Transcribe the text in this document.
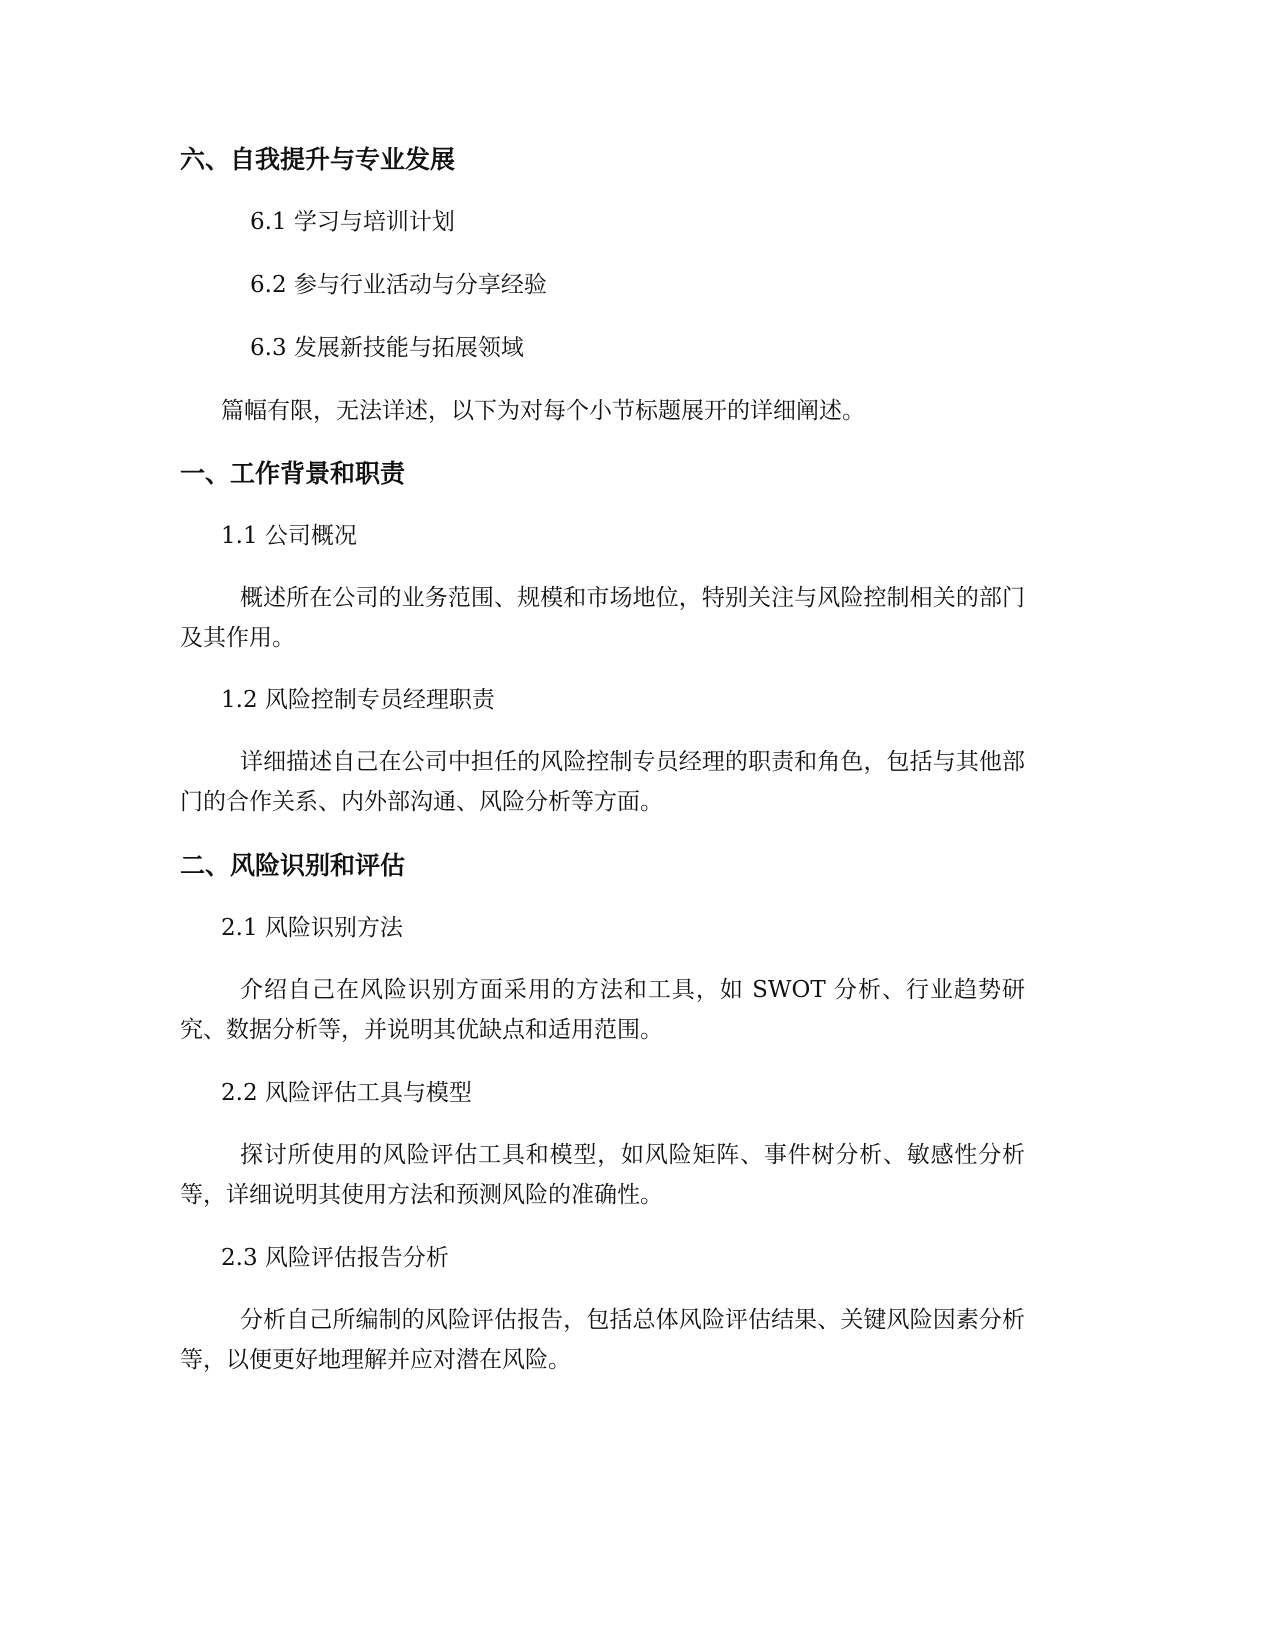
六、自我提升与专业发展
6.1 学习与培训计划
6.2 参与行业活动与分享经验
6.3 发展新技能与拓展领域
篇幅有限，无法详述，以下为对每个小节标题展开的详细阐述。
一、工作背景和职责
1.1 公司概况
概述所在公司的业务范围、规模和市场地位，特别关注与风险控制相关的部门及其作用。
1.2 风险控制专员经理职责
详细描述自己在公司中担任的风险控制专员经理的职责和角色，包括与其他部门的合作关系、内外部沟通、风险分析等方面。
二、风险识别和评估
2.1 风险识别方法
介绍自己在风险识别方面采用的方法和工具，如 SWOT 分析、行业趋势研究、数据分析等，并说明其优缺点和适用范围。
2.2 风险评估工具与模型
探讨所使用的风险评估工具和模型，如风险矩阵、事件树分析、敏感性分析等，详细说明其使用方法和预测风险的准确性。
2.3 风险评估报告分析
分析自己所编制的风险评估报告，包括总体风险评估结果、关键风险因素分析等，以便更好地理解并应对潜在风险。
